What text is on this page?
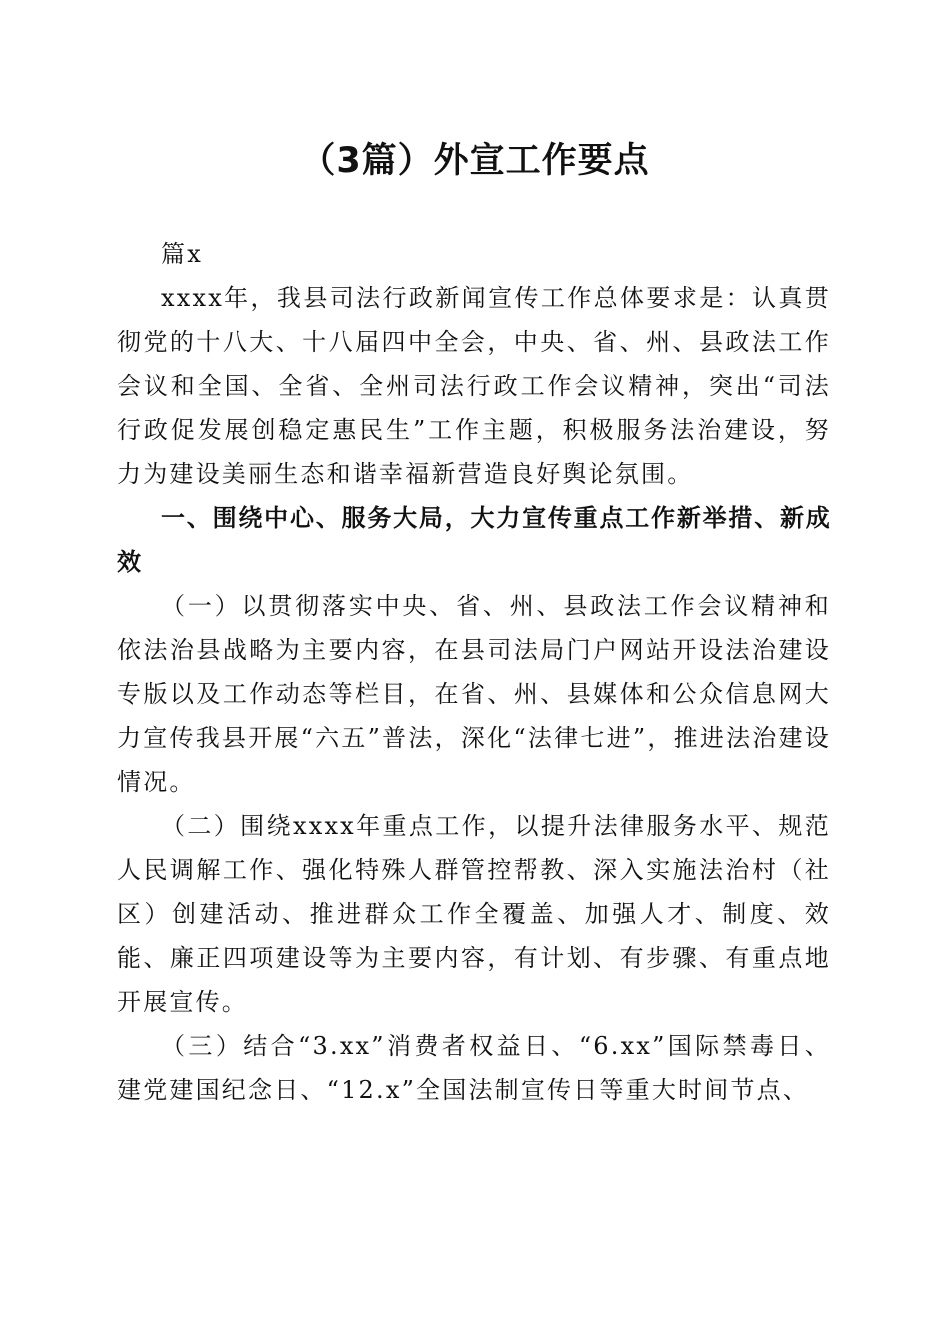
（3篇）外宣工作要点

篇x

xxxx年，我县司法行政新闻宣传工作总体要求是：认真贯彻党的十八大、十八届四中全会，中央、省、州、县政法工作会议和全国、全省、全州司法行政工作会议精神，突出“司法行政促发展创稳定惠民生”工作主题，积极服务法治建设，努力为建设美丽生态和谐幸福新营造良好舆论氛围。

一、围绕中心、服务大局，大力宣传重点工作新举措、新成效

（一）以贯彻落实中央、省、州、县政法工作会议精神和依法治县战略为主要内容，在县司法局门户网站开设法治建设专版以及工作动态等栏目，在省、州、县媒体和公众信息网大力宣传我县开展“六五”普法，深化“法律七进”，推进法治建设情况。

（二）围绕xxxx年重点工作，以提升法律服务水平、规范人民调解工作、强化特殊人群管控帮教、深入实施法治村（社区）创建活动、推进群众工作全覆盖、加强人才、制度、效能、廉正四项建设等为主要内容，有计划、有步骤、有重点地开展宣传。

（三）结合“3.xx”消费者权益日、“6.xx”国际禁毒日、建党建国纪念日、“12.x”全国法制宣传日等重大时间节点、
